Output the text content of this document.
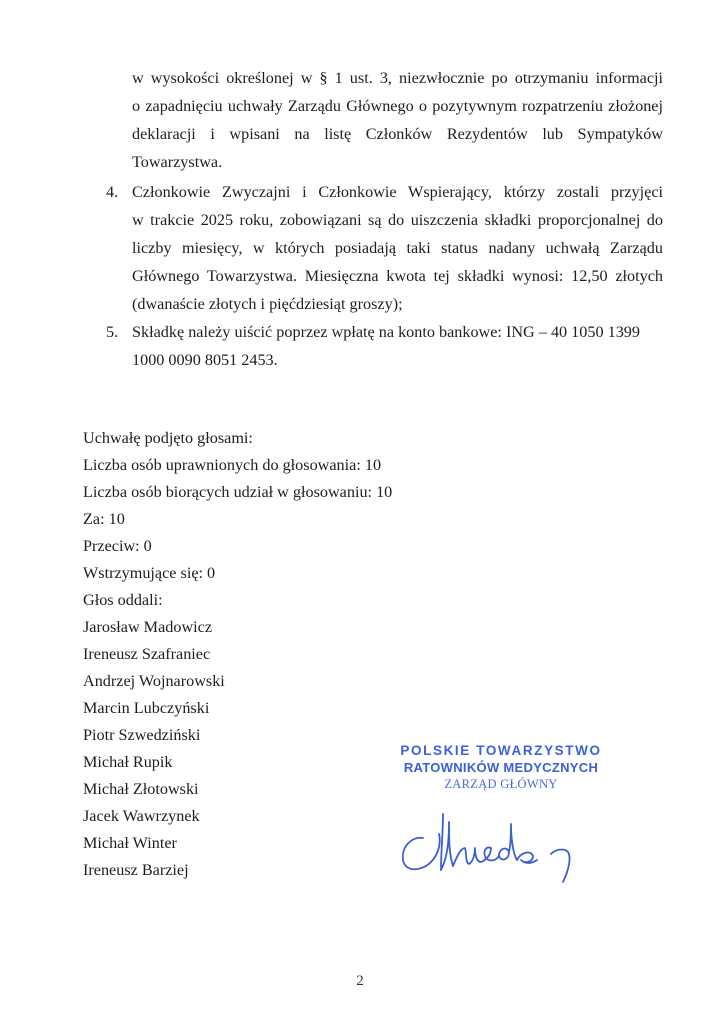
w wysokości określonej w § 1 ust. 3, niezwłocznie po otrzymaniu informacji
o zapadnięciu uchwały Zarządu Głównego o pozytywnym rozpatrzeniu złożonej
deklaracji i wpisani na listę Członków Rezydentów lub Sympatyków
Towarzystwa.
4. Członkowie Zwyczajni i Członkowie Wspierający, którzy zostali przyjęci
w trakcie 2025 roku, zobowiązani są do uiszczenia składki proporcjonalnej do
liczby miesięcy, w których posiadają taki status nadany uchwałą Zarządu
Głównego Towarzystwa. Miesięczna kwota tej składki wynosi: 12,50 złotych
(dwanaście złotych i pięćdziesiąt groszy);
5. Składkę należy uiścić poprzez wpłatę na konto bankowe: ING – 40 1050 1399
1000 0090 8051 2453.
Uchwałę podjęto głosami:
Liczba osób uprawnionych do głosowania: 10
Liczba osób biorących udział w głosowaniu: 10
Za: 10
Przeciw: 0
Wstrzymujące się: 0
Głos oddali:
Jarosław Madowicz
Ireneusz Szafraniec
Andrzej Wojnarowski
Marcin Lubczyński
Piotr Szwedziński
Michał Rupik
Michał Złotowski
Jacek Wawrzynek
Michał Winter
Ireneusz Barziej
POLSKIE TOWARZYSTWO
RATOWNIKÓW MEDYCZNYCH
ZARZĄD GŁÓWNY
2
